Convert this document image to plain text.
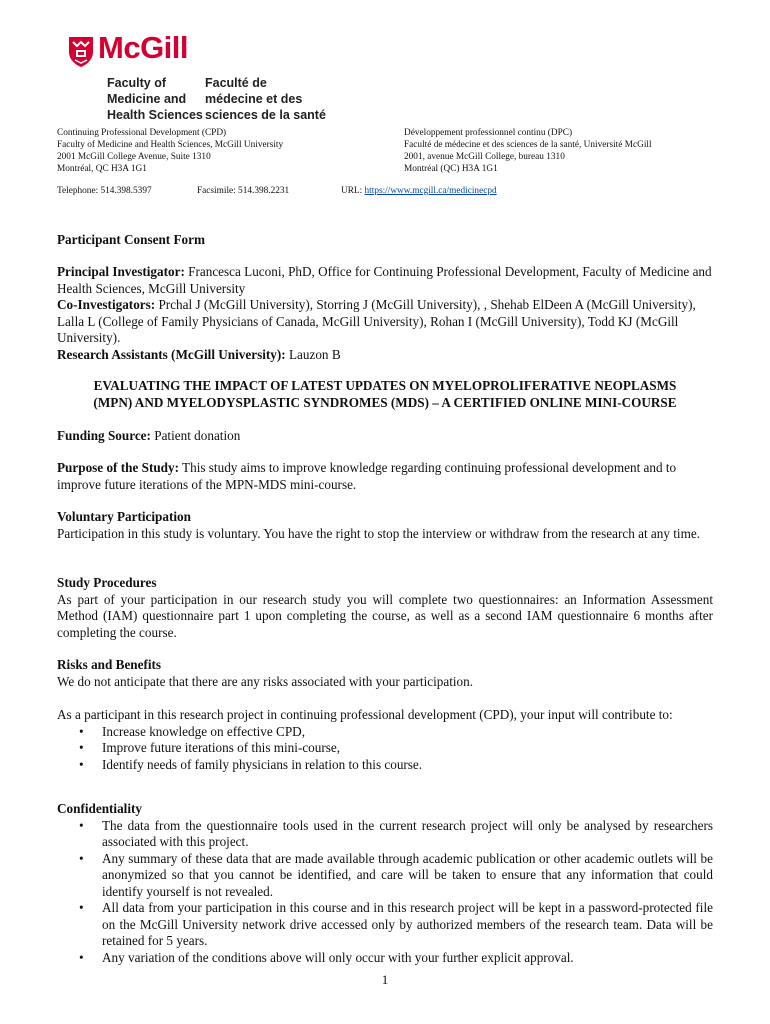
McGill
Faculty of
Medicine and
Health Sciences
Faculté de
médecine et des
sciences de la santé
Continuing Professional Development (CPD)
Faculty of Medicine and Health Sciences, McGill University
2001 McGill College Avenue, Suite 1310
Montréal, QC H3A 1G1
Développement professionnel continu (DPC)
Faculté de médecine et des sciences de la santé, Université McGill
2001, avenue McGill College, bureau 1310
Montréal (QC) H3A 1G1
Telephone: 514.398.5397	Facsimile: 514.398.2231	URL: https://www.mcgill.ca/medicinecpd
Participant Consent Form

Principal Investigator: Francesca Luconi, PhD, Office for Continuing Professional Development, Faculty of Medicine and Health Sciences, McGill University

Co-Investigators: Prchal J (McGill University), Storring J (McGill University), , Shehab ElDeen A (McGill University), Lalla L (College of Family Physicians of Canada, McGill University), Rohan I (McGill University), Todd KJ (McGill University).

Research Assistants (McGill University): Lauzon B

EVALUATING THE IMPACT OF LATEST UPDATES ON MYELOPROLIFERATIVE NEOPLASMS
(MPN) AND MYELODYSPLASTIC SYNDROMES (MDS) – A CERTIFIED ONLINE MINI-COURSE
Funding Source: Patient donation
Purpose of the Study: This study aims to improve knowledge regarding continuing professional development and to improve future iterations of the MPN-MDS mini-course.
Voluntary Participation

Participation in this study is voluntary. You have the right to stop the interview or withdraw from the research at any time.

Study Procedures

As part of your participation in our research study you will complete two questionnaires: an Information Assessment Method (IAM) questionnaire part 1 upon completing the course, as well as a second IAM questionnaire 6 months after completing the course.

Risks and Benefits

We do not anticipate that there are any risks associated with your participation.

As a participant in this research project in continuing professional development (CPD), your input will contribute to:

• Increase knowledge on effective CPD,
• Improve future iterations of this mini-course,
• Identify needs of family physicians in relation to this course.
Confidentiality
• The data from the questionnaire tools used in the current research project will only be analysed by researchers associated with this project.
• Any summary of these data that are made available through academic publication or other academic outlets will be anonymized so that you cannot be identified, and care will be taken to ensure that any information that could identify yourself is not revealed.
• All data from your participation in this course and in this research project will be kept in a password-protected file on the McGill University network drive accessed only by authorized members of the research team. Data will be retained for 5 years.
• Any variation of the conditions above will only occur with your further explicit approval.
1
